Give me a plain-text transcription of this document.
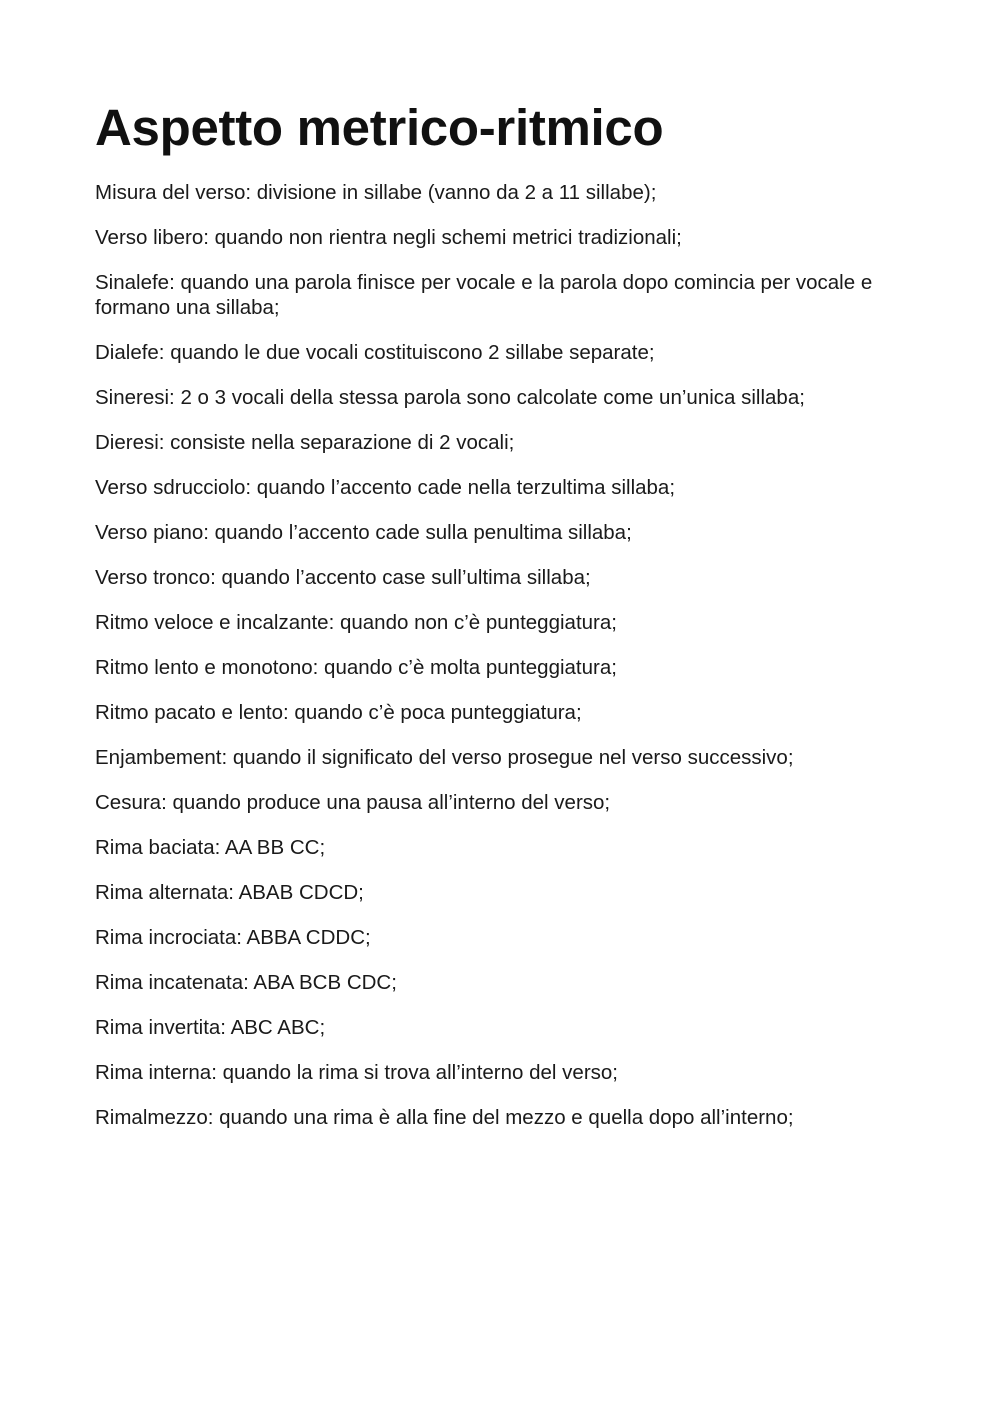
Aspetto metrico-ritmico

Misura del verso: divisione in sillabe (vanno da 2 a 11 sillabe);

Verso libero: quando non rientra negli schemi metrici tradizionali;

Sinalefe: quando una parola finisce per vocale e la parola dopo comincia per vocale e formano una sillaba;

Dialefe: quando le due vocali costituiscono 2 sillabe separate;

Sineresi: 2 o 3 vocali della stessa parola sono calcolate come un’unica sillaba;

Dieresi: consiste nella separazione di 2 vocali;

Verso sdrucciolo: quando l’accento cade nella terzultima sillaba;

Verso piano: quando l’accento cade sulla penultima sillaba;

Verso tronco: quando l’accento case sull’ultima sillaba;

Ritmo veloce e incalzante: quando non c’è punteggiatura;

Ritmo lento e monotono: quando c’è molta punteggiatura;

Ritmo pacato e lento: quando c’è poca punteggiatura;

Enjambement: quando il significato del verso prosegue nel verso successivo;

Cesura: quando produce una pausa all’interno del verso;

Rima baciata: AA BB CC;

Rima alternata: ABAB CDCD;

Rima incrociata: ABBA CDDC;

Rima incatenata: ABA BCB CDC;

Rima invertita: ABC ABC;

Rima interna: quando la rima si trova all’interno del verso;

Rimalmezzo: quando una rima è alla fine del mezzo e quella dopo all’interno;
